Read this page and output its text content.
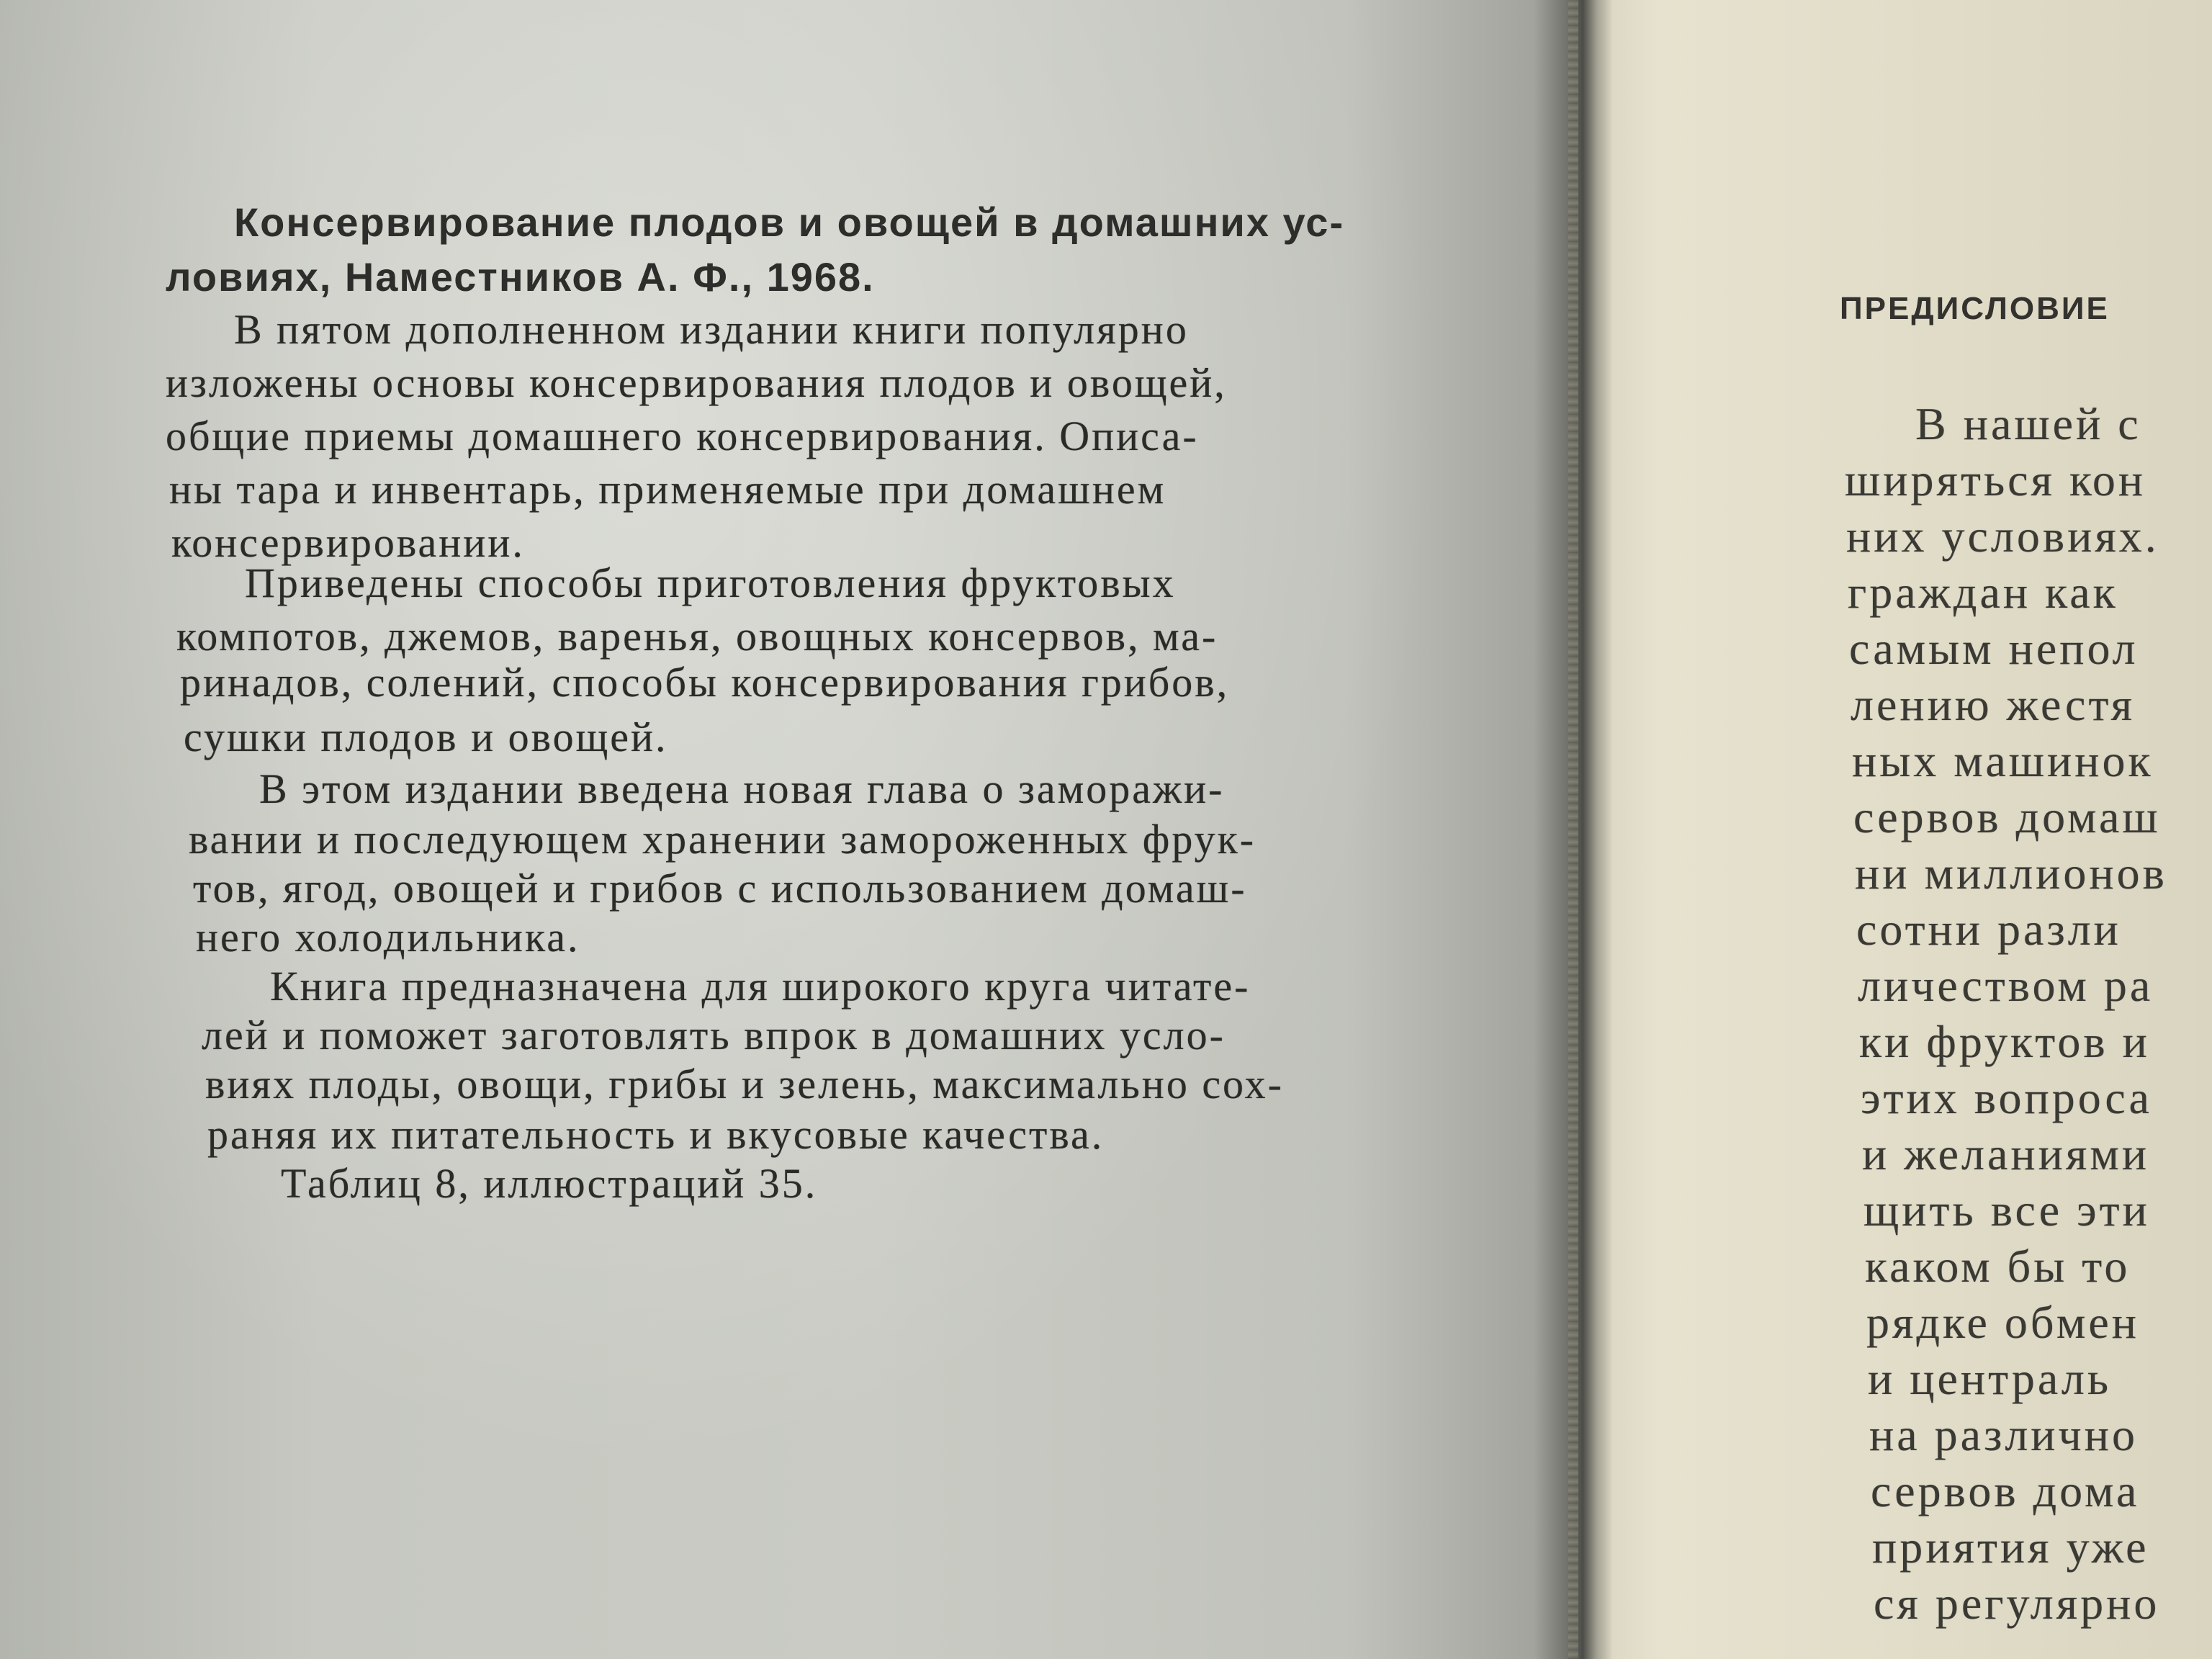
Консервирование плодов и овощей в домашних ус-

ловиях, Наместников А. Ф., 1968.

В пятом дополненном издании книги популярно

изложены основы консервирования плодов и овощей,

общие приемы домашнего консервирования. Описа-

ны тара и инвентарь, применяемые при домашнем

консервировании.

Приведены способы приготовления фруктовых

компотов, джемов, варенья, овощных консервов, ма-

ринадов, солений, способы консервирования грибов,

сушки плодов и овощей.

В этом издании введена новая глава о заморажи-

вании и последующем хранении замороженных фрук-

тов, ягод, овощей и грибов с использованием домаш-

него холодильника.

Книга предназначена для широкого круга читате-

лей и поможет заготовлять впрок в домашних усло-

виях плоды, овощи, грибы и зелень, максимально сох-

раняя их питательность и вкусовые качества.

Таблиц 8, иллюстраций 35.

ПРЕДИСЛОВИЕ

В нашей с

ширяться кон

них условиях.

граждан как

самым непол

лению жестя

ных машинок

сервов домаш

ни миллионов

сотни разли

личеством ра

ки фруктов и

этих вопроса

и желаниями

щить все эти

каком бы то

рядке обмен

и централь

на различно

сервов дома

приятия уже

ся регулярно
